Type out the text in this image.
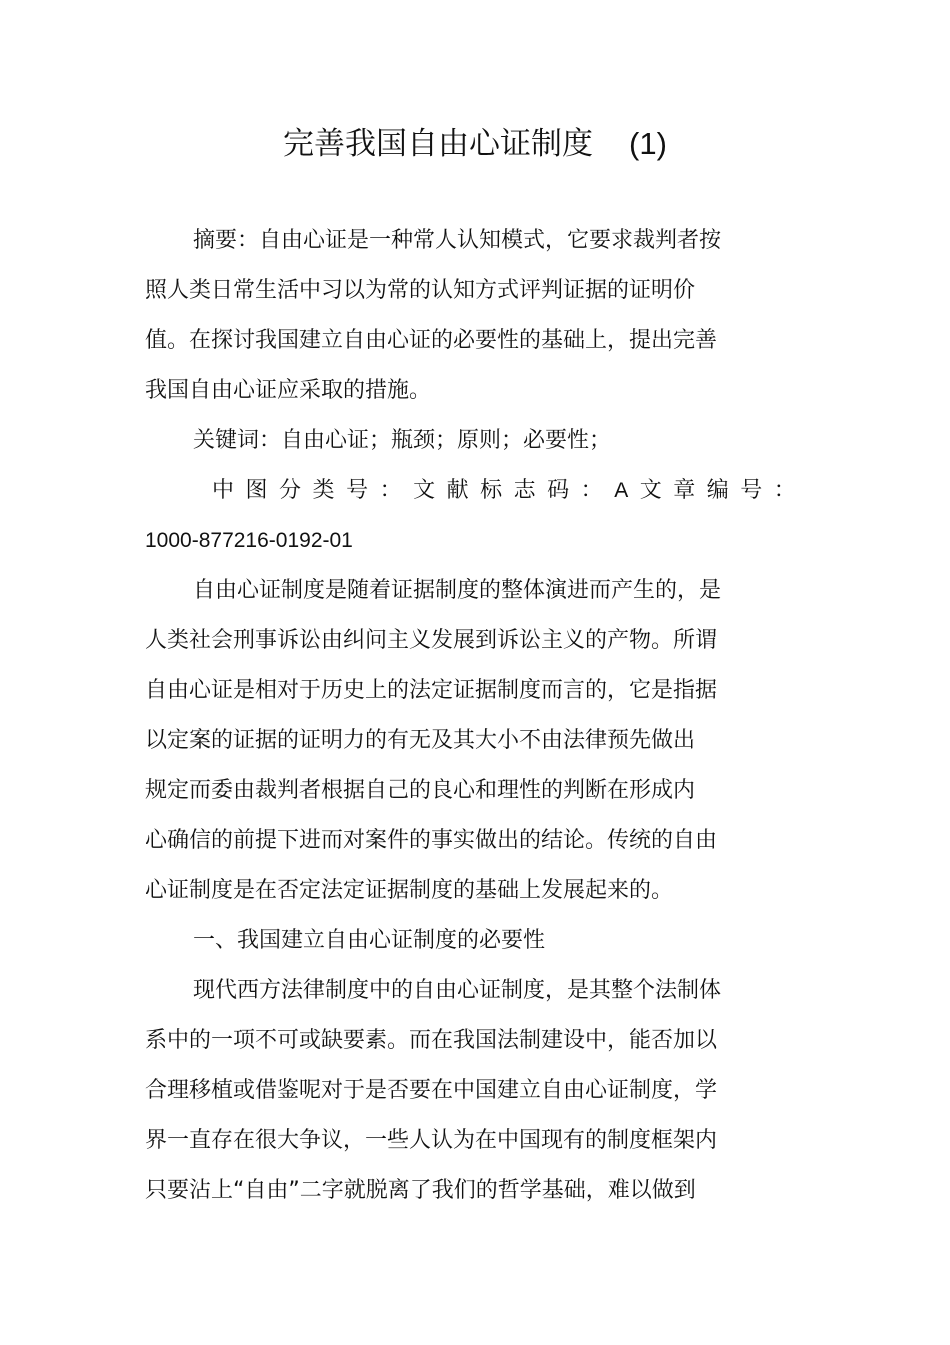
完善我国自由心证制度 (1)
摘要：自由心证是一种常人认知模式，它要求裁判者按
照人类日常生活中习以为常的认知方式评判证据的证明价
值。在探讨我国建立自由心证的必要性的基础上，提出完善
我国自由心证应采取的措施。
关键词：自由心证；瓶颈；原则；必要性；
中 图 分 类 号 ： 文 献 标 志 码 ： A 文 章 编 号 ：
1000-877216-0192-01
自由心证制度是随着证据制度的整体演进而产生的，是
人类社会刑事诉讼由纠问主义发展到诉讼主义的产物。所谓
自由心证是相对于历史上的法定证据制度而言的，它是指据
以定案的证据的证明力的有无及其大小不由法律预先做出
规定而委由裁判者根据自己的良心和理性的判断在形成内
心确信的前提下进而对案件的事实做出的结论。传统的自由
心证制度是在否定法定证据制度的基础上发展起来的。
一、我国建立自由心证制度的必要性
现代西方法律制度中的自由心证制度，是其整个法制体
系中的一项不可或缺要素。而在我国法制建设中，能否加以
合理移植或借鉴呢对于是否要在中国建立自由心证制度，学
界一直存在很大争议，一些人认为在中国现有的制度框架内
只要沾上“自由”二字就脱离了我们的哲学基础，难以做到
